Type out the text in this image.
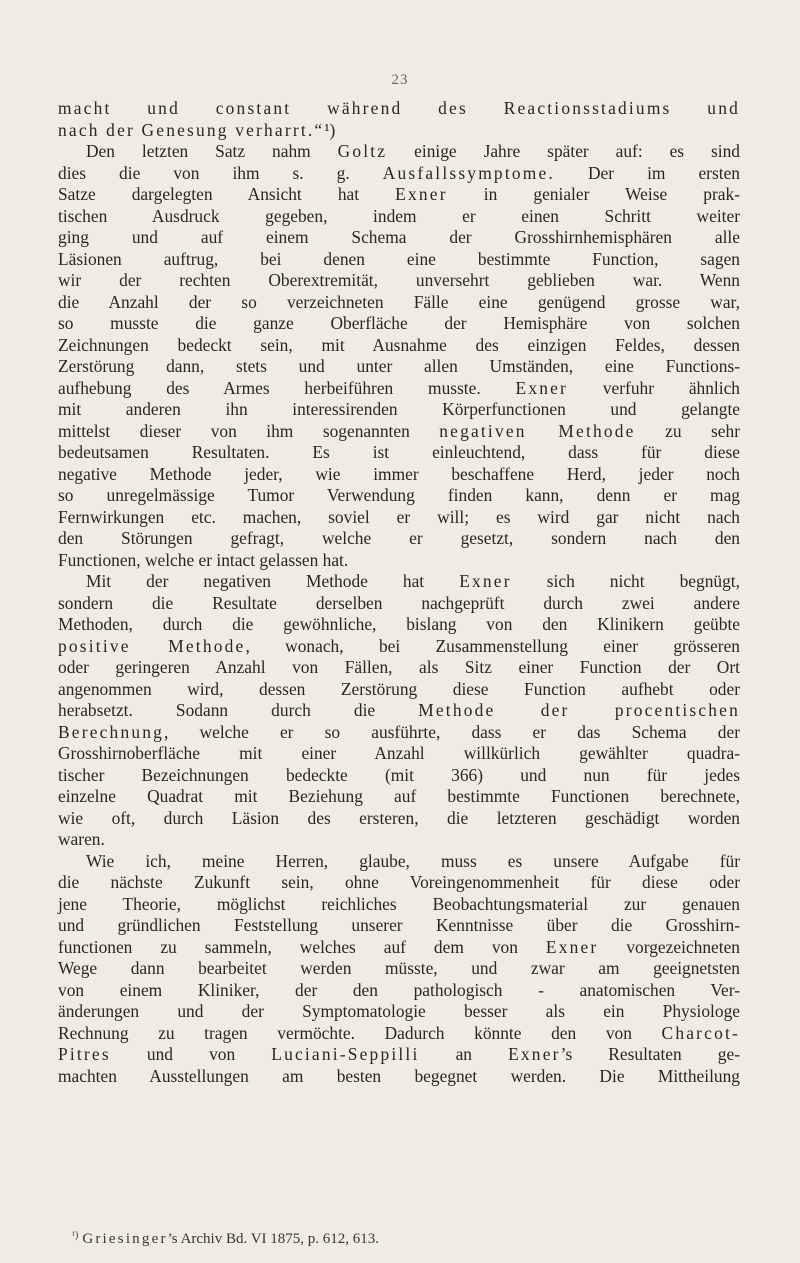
23
macht und constant während des Reactionsstadiums und
nach der Genesung verharrt.“¹)
Den letzten Satz nahm Goltz einige Jahre später auf: es sind
dies die von ihm s. g. Ausfallssymptome. Der im ersten
Satze dargelegten Ansicht hat Exner in genialer Weise prak-
tischen Ausdruck gegeben, indem er einen Schritt weiter
ging und auf einem Schema der Grosshirnhemisphären alle
Läsionen auftrug, bei denen eine bestimmte Function, sagen
wir der rechten Oberextremität, unversehrt geblieben war. Wenn
die Anzahl der so verzeichneten Fälle eine genügend grosse war,
so musste die ganze Oberfläche der Hemisphäre von solchen
Zeichnungen bedeckt sein, mit Ausnahme des einzigen Feldes, dessen
Zerstörung dann, stets und unter allen Umständen, eine Functions-
aufhebung des Armes herbeiführen musste. Exner verfuhr ähnlich
mit anderen ihn interessirenden Körperfunctionen und gelangte
mittelst dieser von ihm sogenannten negativen Methode zu sehr
bedeutsamen Resultaten. Es ist einleuchtend, dass für diese
negative Methode jeder, wie immer beschaffene Herd, jeder noch
so unregelmässige Tumor Verwendung finden kann, denn er mag
Fernwirkungen etc. machen, soviel er will; es wird gar nicht nach
den Störungen gefragt, welche er gesetzt, sondern nach den
Functionen, welche er intact gelassen hat.
Mit der negativen Methode hat Exner sich nicht begnügt,
sondern die Resultate derselben nachgeprüft durch zwei andere
Methoden, durch die gewöhnliche, bislang von den Klinikern geübte
positive Methode, wonach, bei Zusammenstellung einer grösseren
oder geringeren Anzahl von Fällen, als Sitz einer Function der Ort
angenommen wird, dessen Zerstörung diese Function aufhebt oder
herabsetzt. Sodann durch die Methode der procentischen
Berechnung, welche er so ausführte, dass er das Schema der
Grosshirnoberfläche mit einer Anzahl willkürlich gewählter quadra-
tischer Bezeichnungen bedeckte (mit 366) und nun für jedes
einzelne Quadrat mit Beziehung auf bestimmte Functionen berechnete,
wie oft, durch Läsion des ersteren, die letzteren geschädigt worden
waren.
Wie ich, meine Herren, glaube, muss es unsere Aufgabe für
die nächste Zukunft sein, ohne Voreingenommenheit für diese oder
jene Theorie, möglichst reichliches Beobachtungsmaterial zur genauen
und gründlichen Feststellung unserer Kenntnisse über die Grosshirn-
functionen zu sammeln, welches auf dem von Exner vorgezeichneten
Wege dann bearbeitet werden müsste, und zwar am geeignetsten
von einem Kliniker, der den pathologisch - anatomischen Ver-
änderungen und der Symptomatologie besser als ein Physiologe
Rechnung zu tragen vermöchte. Dadurch könnte den von Charcot-
Pitres und von Luciani-Seppilli an Exner’s Resultaten ge-
machten Ausstellungen am besten begegnet werden. Die Mittheilung
$^{^1)}$ Griesinger’s Archiv Bd. VI 1875, p. 612, 613.
